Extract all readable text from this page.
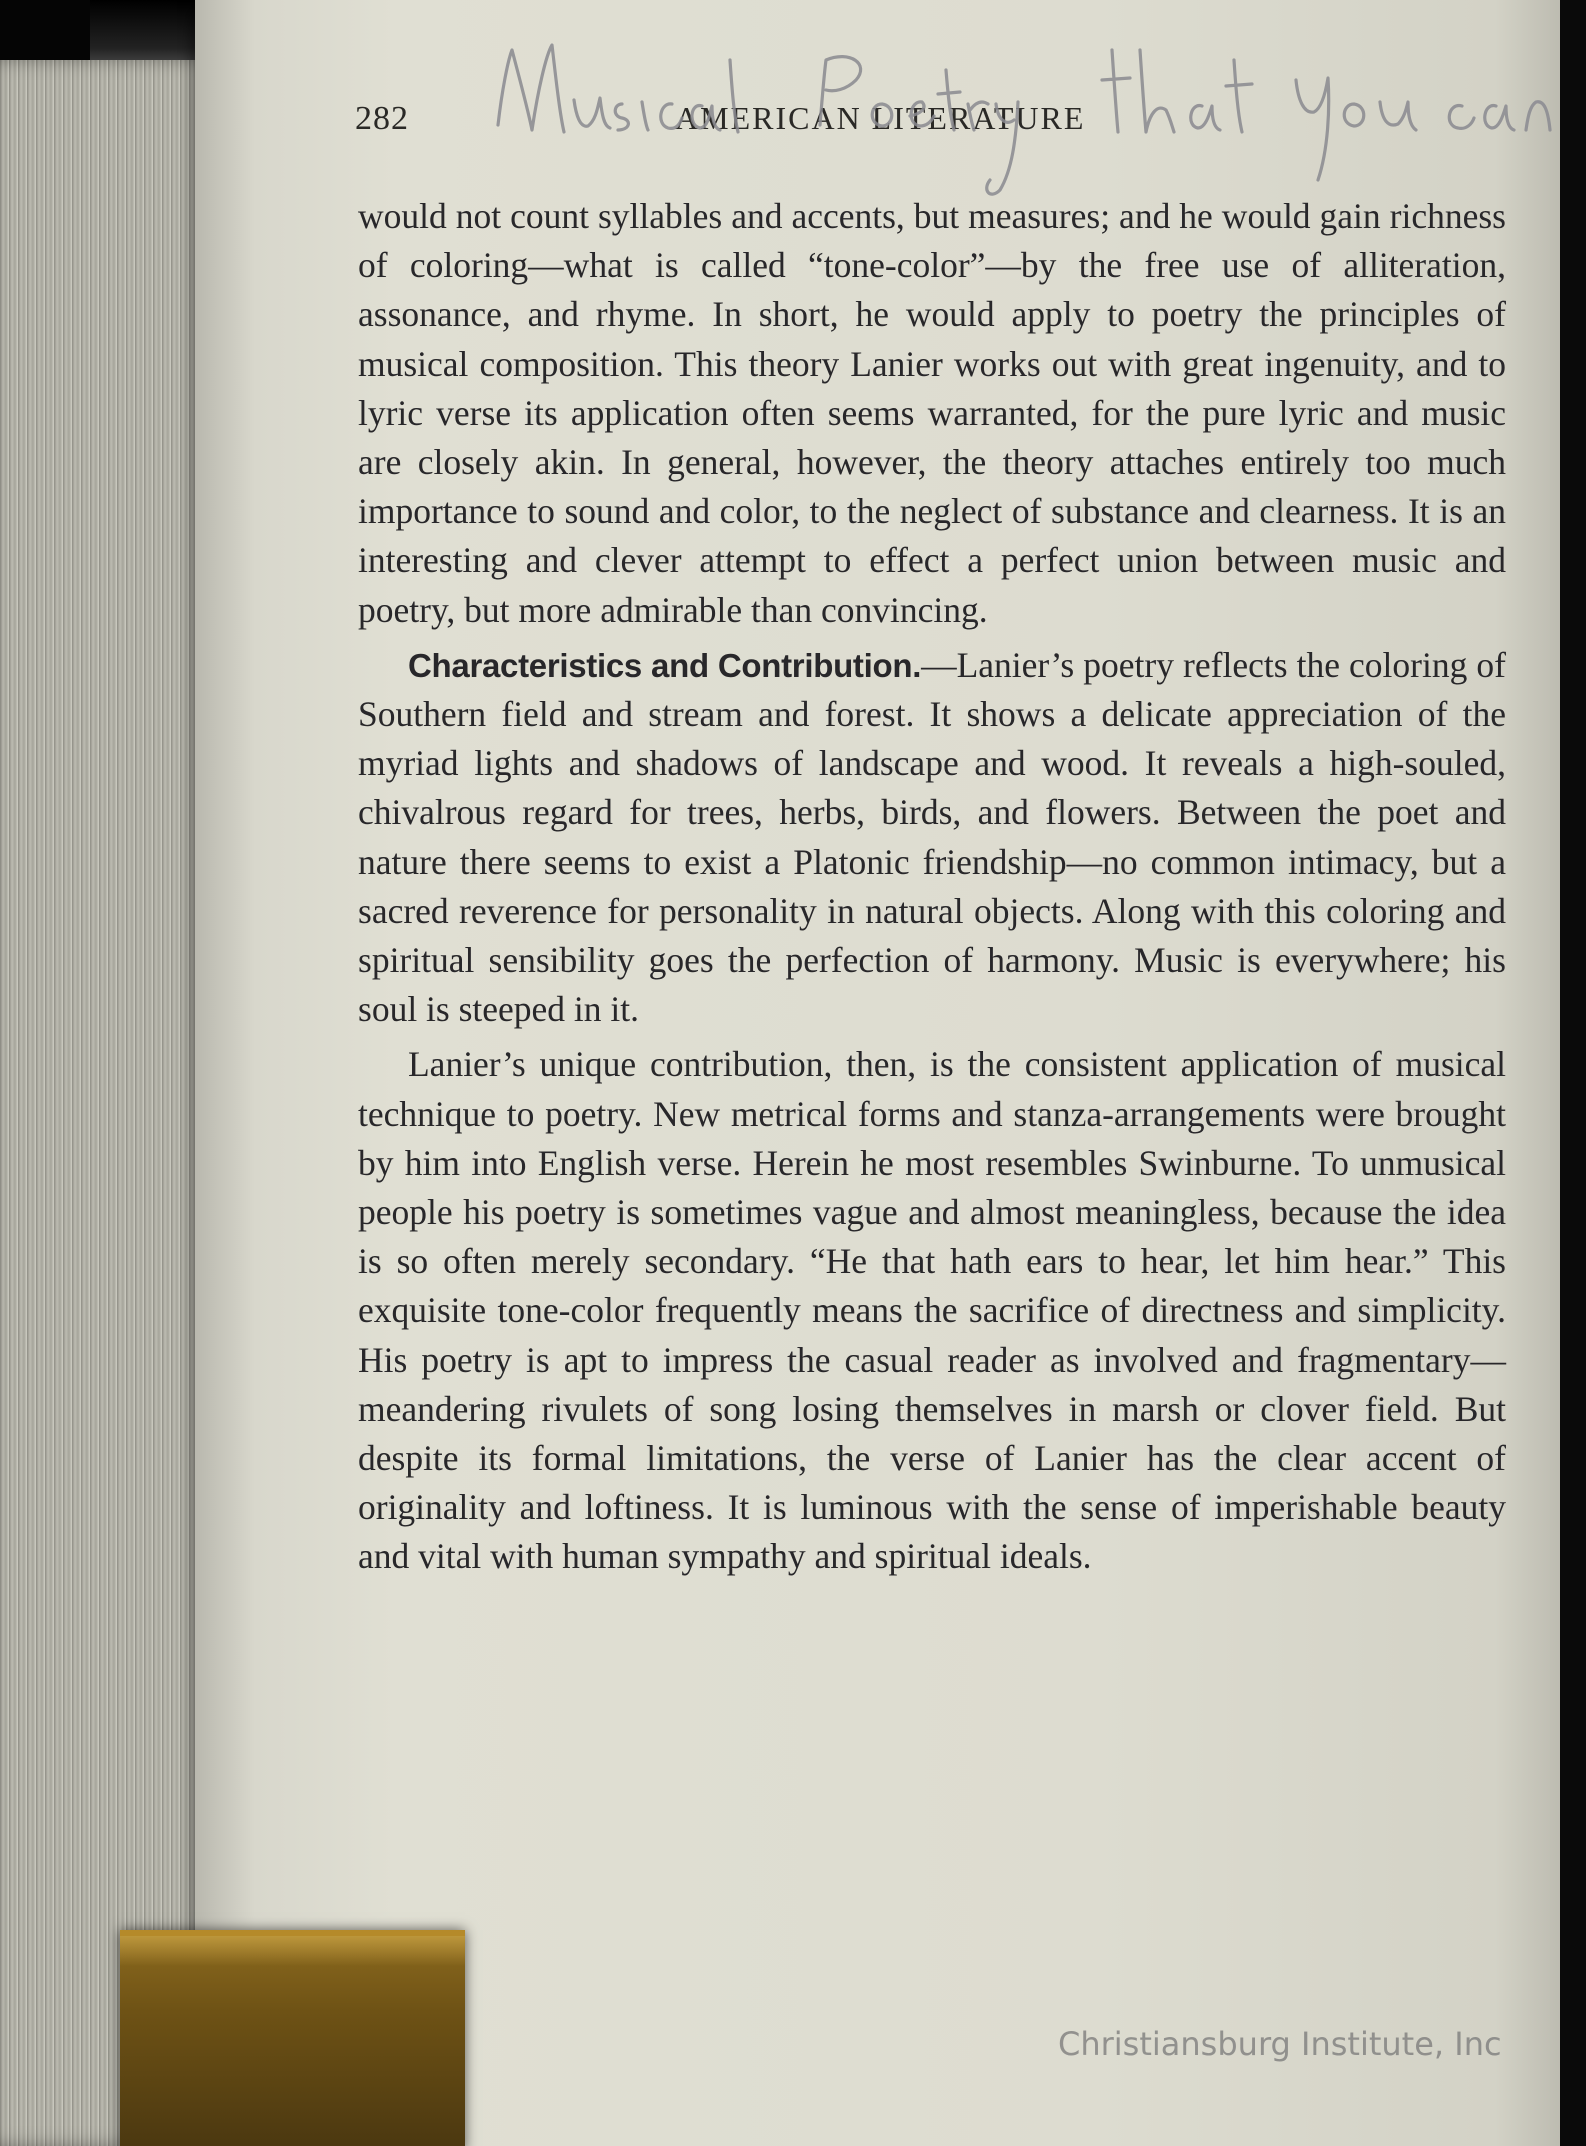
282	AMERICAN LITERATURE

would not count syllables and accents, but measures; and he would gain richness of coloring—what is called “tone-color”—by the free use of alliteration, assonance, and rhyme. In short, he would apply to poetry the principles of musical composition. This theory Lanier works out with great ingenuity, and to lyric verse its application often seems warranted, for the pure lyric and music are closely akin. In general, however, the theory attaches entirely too much importance to sound and color, to the neglect of substance and clearness. It is an interesting and clever attempt to effect a perfect union between music and poetry, but more admirable than convincing.

Characteristics and Contribution.—Lanier’s poetry reflects the coloring of Southern field and stream and forest. It shows a delicate appreciation of the myriad lights and shadows of landscape and wood. It reveals a high-souled, chivalrous regard for trees, herbs, birds, and flowers. Between the poet and nature there seems to exist a Platonic friendship—no common intimacy, but a sacred reverence for personality in natural objects. Along with this coloring and spiritual sensibility goes the perfection of harmony. Music is everywhere; his soul is steeped in it.

Lanier’s unique contribution, then, is the consistent application of musical technique to poetry. New metrical forms and stanza-arrangements were brought by him into English verse. Herein he most resembles Swinburne. To unmusical people his poetry is sometimes vague and almost meaningless, because the idea is so often merely secondary. “He that hath ears to hear, let him hear.” This exquisite tone-color frequently means the sacrifice of directness and simplicity. His poetry is apt to impress the casual reader as involved and fragmentary—meandering rivulets of song losing themselves in marsh or clover field. But despite its formal limitations, the verse of Lanier has the clear accent of originality and loftiness. It is luminous with the sense of imperishable beauty and vital with human sympathy and spiritual ideals.

Christiansburg Institute, Inc
